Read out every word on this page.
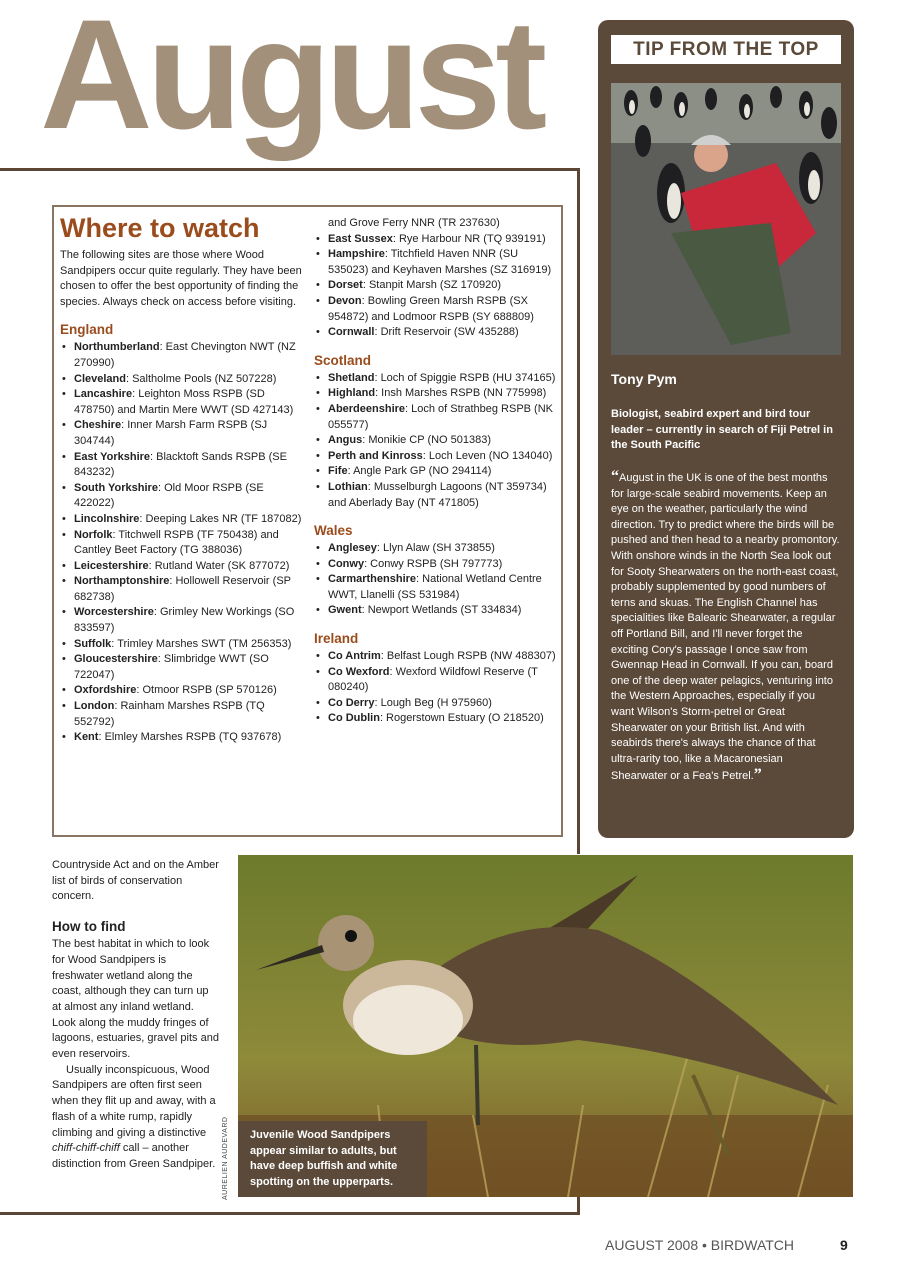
August
Where to watch
The following sites are those where Wood Sandpipers occur quite regularly. They have been chosen to offer the best opportunity of finding the species. Always check on access before visiting.
England
• Northumberland: East Chevington NWT (NZ 270990)
• Cleveland: Saltholme Pools (NZ 507228)
• Lancashire: Leighton Moss RSPB (SD 478750) and Martin Mere WWT (SD 427143)
• Cheshire: Inner Marsh Farm RSPB (SJ 304744)
• East Yorkshire: Blacktoft Sands RSPB (SE 843232)
• South Yorkshire: Old Moor RSPB (SE 422022)
• Lincolnshire: Deeping Lakes NR (TF 187082)
• Norfolk: Titchwell RSPB (TF 750438) and Cantley Beet Factory (TG 388036)
• Leicestershire: Rutland Water (SK 877072)
• Northamptonshire: Hollowell Reservoir (SP 682738)
• Worcestershire: Grimley New Workings (SO 833597)
• Suffolk: Trimley Marshes SWT (TM 256353)
• Gloucestershire: Slimbridge WWT (SO 722047)
• Oxfordshire: Otmoor RSPB (SP 570126)
• London: Rainham Marshes RSPB (TQ 552792)
• Kent: Elmley Marshes RSPB (TQ 937678)
and Grove Ferry NNR (TR 237630)
• East Sussex: Rye Harbour NR (TQ 939191)
• Hampshire: Titchfield Haven NNR (SU 535023) and Keyhaven Marshes (SZ 316919)
• Dorset: Stanpit Marsh (SZ 170920)
• Devon: Bowling Green Marsh RSPB (SX 954872) and Lodmoor RSPB (SY 688809)
• Cornwall: Drift Reservoir (SW 435288)
Scotland
• Shetland: Loch of Spiggie RSPB (HU 374165)
• Highland: Insh Marshes RSPB (NN 775998)
• Aberdeenshire: Loch of Strathbeg RSPB (NK 055577)
• Angus: Monikie CP (NO 501383)
• Perth and Kinross: Loch Leven (NO 134040)
• Fife: Angle Park GP (NO 294114)
• Lothian: Musselburgh Lagoons (NT 359734) and Aberlady Bay (NT 471805)
Wales
• Anglesey: Llyn Alaw (SH 373855)
• Conwy: Conwy RSPB (SH 797773)
• Carmarthenshire: National Wetland Centre WWT, Llanelli (SS 531984)
• Gwent: Newport Wetlands (ST 334834)
Ireland
• Co Antrim: Belfast Lough RSPB (NW 488307)
• Co Wexford: Wexford Wildfowl Reserve (T 080240)
• Co Derry: Lough Beg (H 975960)
• Co Dublin: Rogerstown Estuary (O 218520)
TIP FROM THE TOP
Tony Pym
Biologist, seabird expert and bird tour leader – currently in search of Fiji Petrel in the South Pacific
“August in the UK is one of the best months for large-scale seabird movements. Keep an eye on the weather, particularly the wind direction. Try to predict where the birds will be pushed and then head to a nearby promontory. With onshore winds in the North Sea look out for Sooty Shearwaters on the north-east coast, probably supplemented by good numbers of terns and skuas. The English Channel has specialities like Balearic Shearwater, a regular off Portland Bill, and I'll never forget the exciting Cory's passage I once saw from Gwennap Head in Cornwall. If you can, board one of the deep water pelagics, venturing into the Western Approaches, especially if you want Wilson's Storm-petrel or Great Shearwater on your British list. And with seabirds there's always the chance of that ultra-rarity too, like a Macaronesian Shearwater or a Fea's Petrel.”
Countryside Act and on the Amber list of birds of conservation concern.
How to find
The best habitat in which to look for Wood Sandpipers is freshwater wetland along the coast, although they can turn up at almost any inland wetland. Look along the muddy fringes of lagoons, estuaries, gravel pits and even reservoirs.
Usually inconspicuous, Wood Sandpipers are often first seen when they flit up and away, with a flash of a white rump, rapidly climbing and giving a distinctive chiff-chiff-chiff call – another distinction from Green Sandpiper. AURELIEN AUDEVARD	Juvenile Wood Sandpipers appear similar to adults, but have deep buffish and white spotting on the upperparts.
AUGUST 2008 • BIRDWATCH	9
